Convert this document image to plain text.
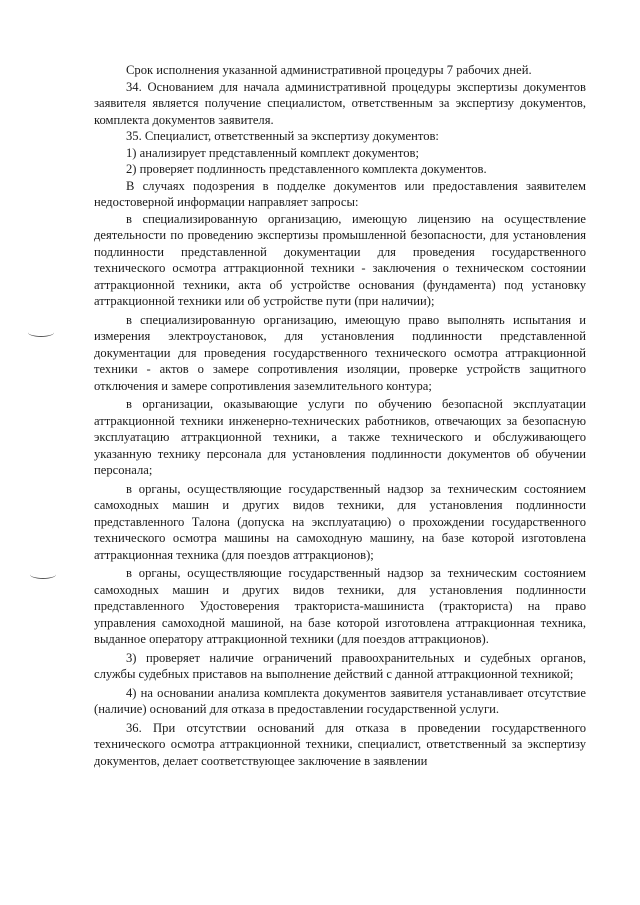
Срок исполнения указанной административной процедуры 7 рабочих дней.

34. Основанием для начала административной процедуры экспертизы документов заявителя является получение специалистом, ответственным за экспертизу документов, комплекта документов заявителя.

35. Специалист, ответственный за экспертизу документов:

1) анализирует представленный комплект документов;

2) проверяет подлинность представленного комплекта документов.

В случаях подозрения в подделке документов или предоставления заявителем недостоверной информации направляет запросы:

в специализированную организацию, имеющую лицензию на осуществление деятельности по проведению экспертизы промышленной безопасности, для установления подлинности представленной документации для проведения государственного технического осмотра аттракционной техники - заключения о техническом состоянии аттракционной техники, акта об устройстве основания (фундамента) под установку аттракционной техники или об устройстве пути (при наличии);

в специализированную организацию, имеющую право выполнять испытания и измерения электроустановок, для установления подлинности представленной документации для проведения государственного технического осмотра аттракционной техники - актов о замере сопротивления изоляции, проверке устройств защитного отключения и замере сопротивления заземлительного контура;

в организации, оказывающие услуги по обучению безопасной эксплуатации аттракционной техники инженерно-технических работников, отвечающих за безопасную эксплуатацию аттракционной техники, а также технического и обслуживающего указанную технику персонала для установления подлинности документов об обучении персонала;

в органы, осуществляющие государственный надзор за техническим состоянием самоходных машин и других видов техники, для установления подлинности представленного Талона (допуска на эксплуатацию) о прохождении государственного технического осмотра машины на самоходную машину, на базе которой изготовлена аттракционная техника (для поездов аттракционов);

в органы, осуществляющие государственный надзор за техническим состоянием самоходных машин и других видов техники, для установления подлинности представленного Удостоверения тракториста-машиниста (тракториста) на право управления самоходной машиной, на базе которой изготовлена аттракционная техника, выданное оператору аттракционной техники (для поездов аттракционов).

3) проверяет наличие ограничений правоохранительных и судебных органов, службы судебных приставов на выполнение действий с данной аттракционной техникой;

4) на основании анализа комплекта документов заявителя устанавливает отсутствие (наличие) оснований для отказа в предоставлении государственной услуги.

36. При отсутствии оснований для отказа в проведении государственного технического осмотра аттракционной техники, специалист, ответственный за экспертизу документов, делает соответствующее заключение в заявлении
